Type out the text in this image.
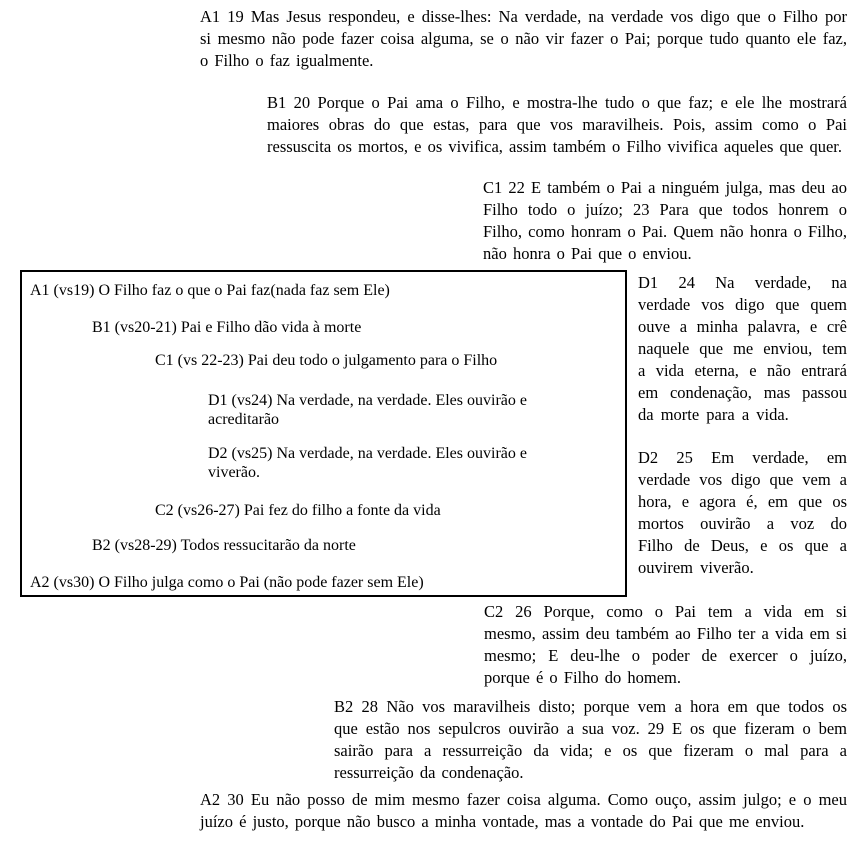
A1 19 Mas Jesus respondeu, e disse-lhes: Na verdade, na verdade vos digo que o Filho por si mesmo não pode fazer coisa alguma, se o não vir fazer o Pai; porque tudo quanto ele faz, o Filho o faz igualmente.

B1 20 Porque o Pai ama o Filho, e mostra-lhe tudo o que faz; e ele lhe mostrará maiores obras do que estas, para que vos maravilheis. Pois, assim como o Pai ressuscita os mortos, e os vivifica, assim também o Filho vivifica aqueles que quer.

C1 22 E também o Pai a ninguém julga, mas deu ao Filho todo o juízo; 23 Para que todos honrem o Filho, como honram o Pai. Quem não honra o Filho, não honra o Pai que o enviou.

A1 (vs19) O Filho faz o que o Pai faz(nada faz sem Ele)
B1 (vs20-21) Pai e Filho dão vida à morte
C1 (vs 22-23) Pai deu todo o julgamento para o Filho
D1 (vs24) Na verdade, na verdade. Eles ouvirão e acreditarão
D2 (vs25) Na verdade, na verdade. Eles ouvirão e viverão.
C2 (vs26-27) Pai fez do filho a fonte da vida
B2 (vs28-29) Todos ressucitarão da norte
A2 (vs30) O Filho julga como o Pai (não pode fazer sem Ele)

D1 24 Na verdade, na verdade vos digo que quem ouve a minha palavra, e crê naquele que me enviou, tem a vida eterna, e não entrará em condenação, mas passou da morte para a vida.

D2 25 Em verdade, em verdade vos digo que vem a hora, e agora é, em que os mortos ouvirão a voz do Filho de Deus, e os que a ouvirem viverão.

C2 26 Porque, como o Pai tem a vida em si mesmo, assim deu também ao Filho ter a vida em si mesmo; E deu-lhe o poder de exercer o juízo, porque é o Filho do homem.

B2 28 Não vos maravilheis disto; porque vem a hora em que todos os que estão nos sepulcros ouvirão a sua voz. 29 E os que fizeram o bem sairão para a ressurreição da vida; e os que fizeram o mal para a ressurreição da condenação.

A2 30 Eu não posso de mim mesmo fazer coisa alguma. Como ouço, assim julgo; e o meu juízo é justo, porque não busco a minha vontade, mas a vontade do Pai que me enviou.
